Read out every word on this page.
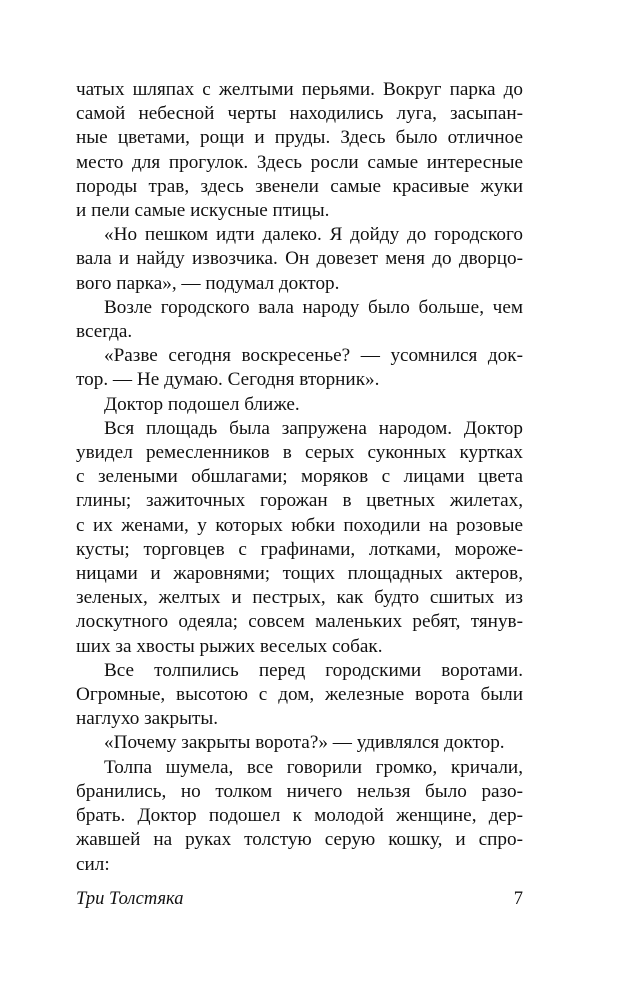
чатых шляпах с желтыми перьями. Вокруг парка до
самой небесной черты находились луга, засыпан-
ные цветами, рощи и пруды. Здесь было отличное
место для прогулок. Здесь росли самые интересные
породы трав, здесь звенели самые красивые жуки
и пели самые искусные птицы.

«Но пешком идти далеко. Я дойду до городского
вала и найду извозчика. Он довезет меня до дворцо-
вого парка», — подумал доктор.

Возле городского вала народу было больше, чем
всегда.

«Разве сегодня воскресенье? — усомнился док-
тор. — Не думаю. Сегодня вторник».

Доктор подошел ближе.

Вся площадь была запружена народом. Доктор
увидел ремесленников в серых суконных куртках
с зелеными обшлагами; моряков с лицами цвета
глины; зажиточных горожан в цветных жилетах,
с их женами, у которых юбки походили на розовые
кусты; торговцев с графинами, лотками, мороже-
ницами и жаровнями; тощих площадных актеров,
зеленых, желтых и пестрых, как будто сшитых из
лоскутного одеяла; совсем маленьких ребят, тянув-
ших за хвосты рыжих веселых собак.

Все толпились перед городскими воротами.
Огромные, высотою с дом, железные ворота были
наглухо закрыты.

«Почему закрыты ворота?» — удивлялся доктор.

Толпа шумела, все говорили громко, кричали,
бранились, но толком ничего нельзя было разо-
брать. Доктор подошел к молодой женщине, дер-
жавшей на руках толстую серую кошку, и спро-
сил:

Три Толстяка	7
